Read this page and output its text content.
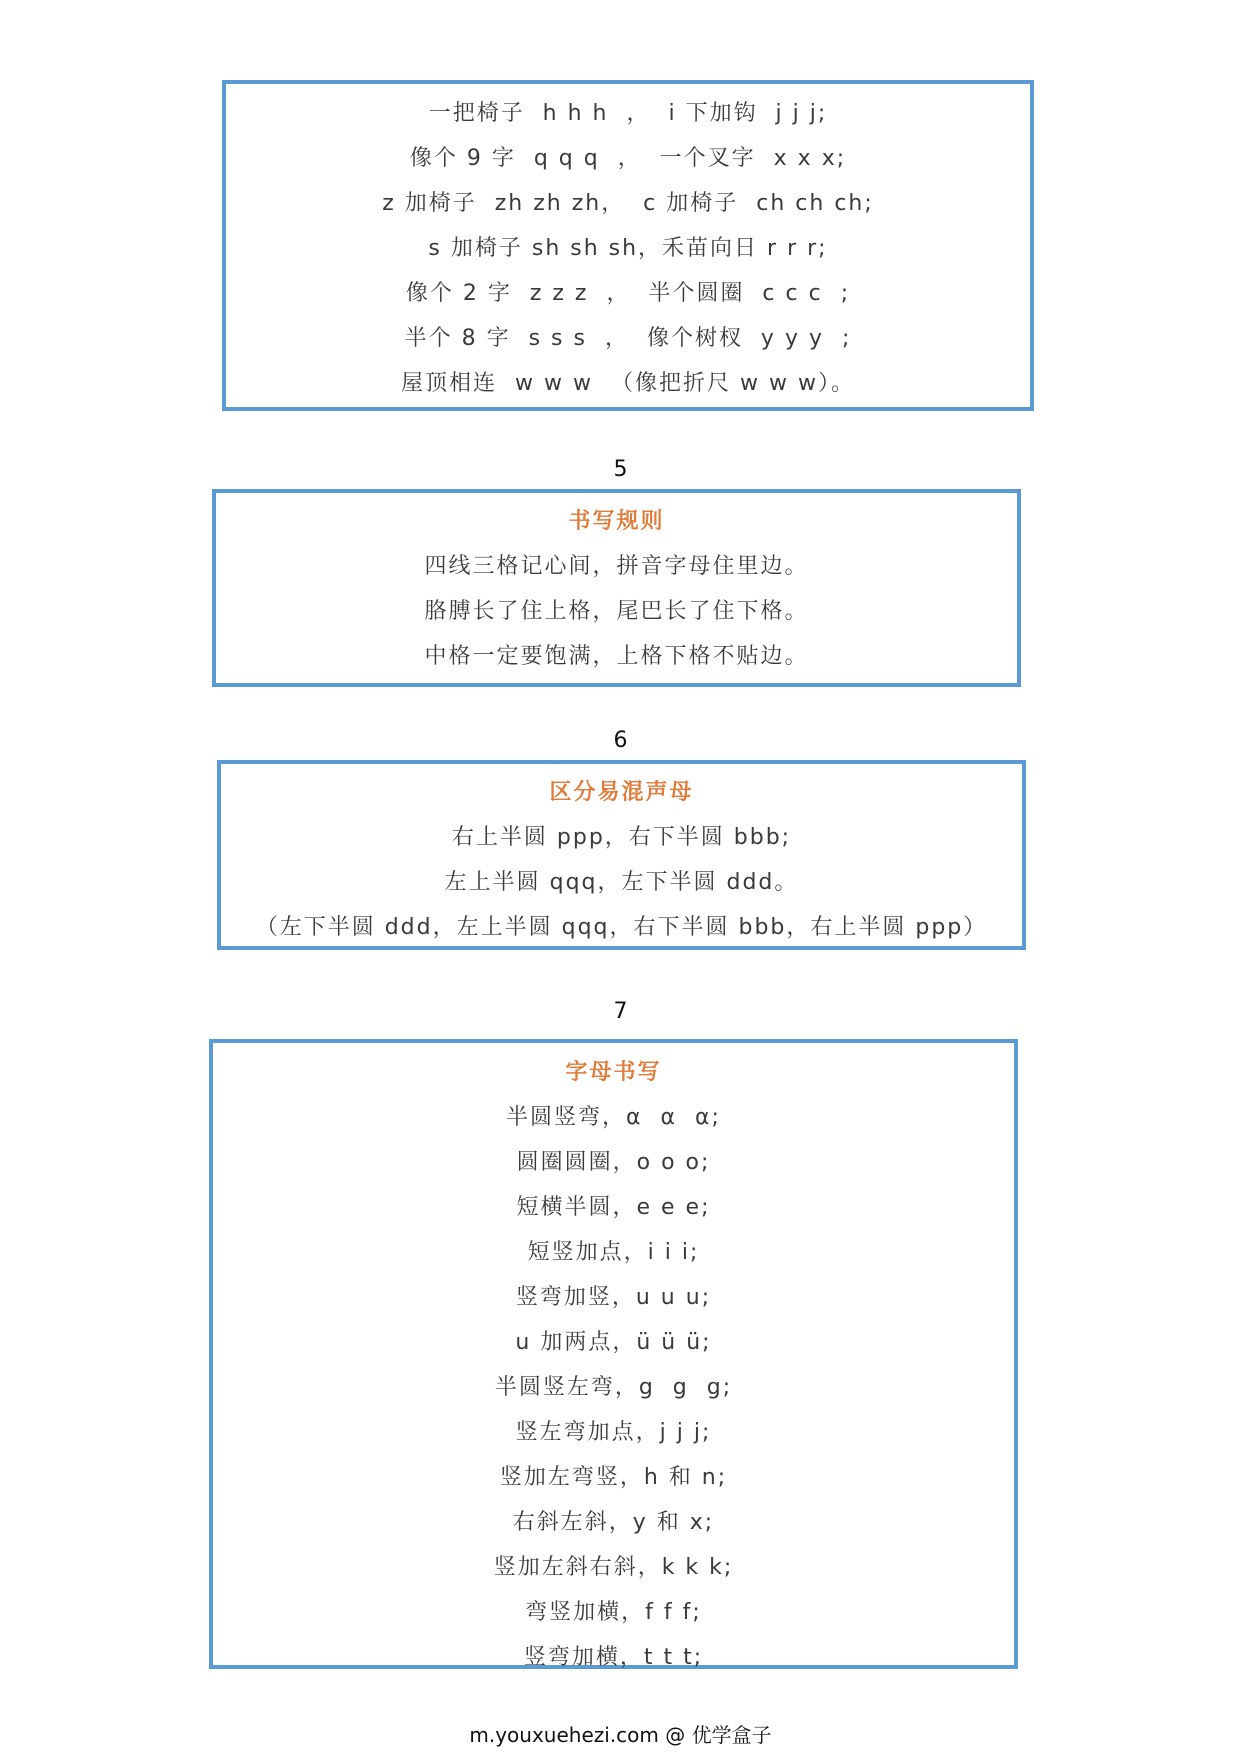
一把椅子  h h h  ，  i 下加钩  j j j;
像个 9 字  q q q  ，  一个叉字  x x x;
z 加椅子  zh zh zh，  c 加椅子  ch ch ch;
s 加椅子 sh sh sh，禾苗向日 r r r;
像个 2 字  z z z  ，  半个圆圈  c c c  ;
半个 8 字  s s s  ，  像个树杈  y y y  ;
屋顶相连  w w w  （像把折尺 w w w）。
5
书写规则
四线三格记心间，拼音字母住里边。
胳膊长了住上格，尾巴长了住下格。
中格一定要饱满，上格下格不贴边。
6
区分易混声母
右上半圆 ppp，右下半圆 bbb;
左上半圆 qqq，左下半圆 ddd。
（左下半圆 ddd，左上半圆 qqq，右下半圆 bbb，右上半圆 ppp）
7
字母书写
半圆竖弯，α  α  α;
圆圈圆圈，o o o;
短横半圆，e e e;
短竖加点，i i i;
竖弯加竖，u u u;
u 加两点，ü ü ü;
半圆竖左弯，g  g  g;
竖左弯加点，j j j;
竖加左弯竖，h 和 n;
右斜左斜，y 和 x;
竖加左斜右斜，k k k;
弯竖加横，f f f;
竖弯加横，t t t;
m.youxuehezi.com @ 优学盒子
